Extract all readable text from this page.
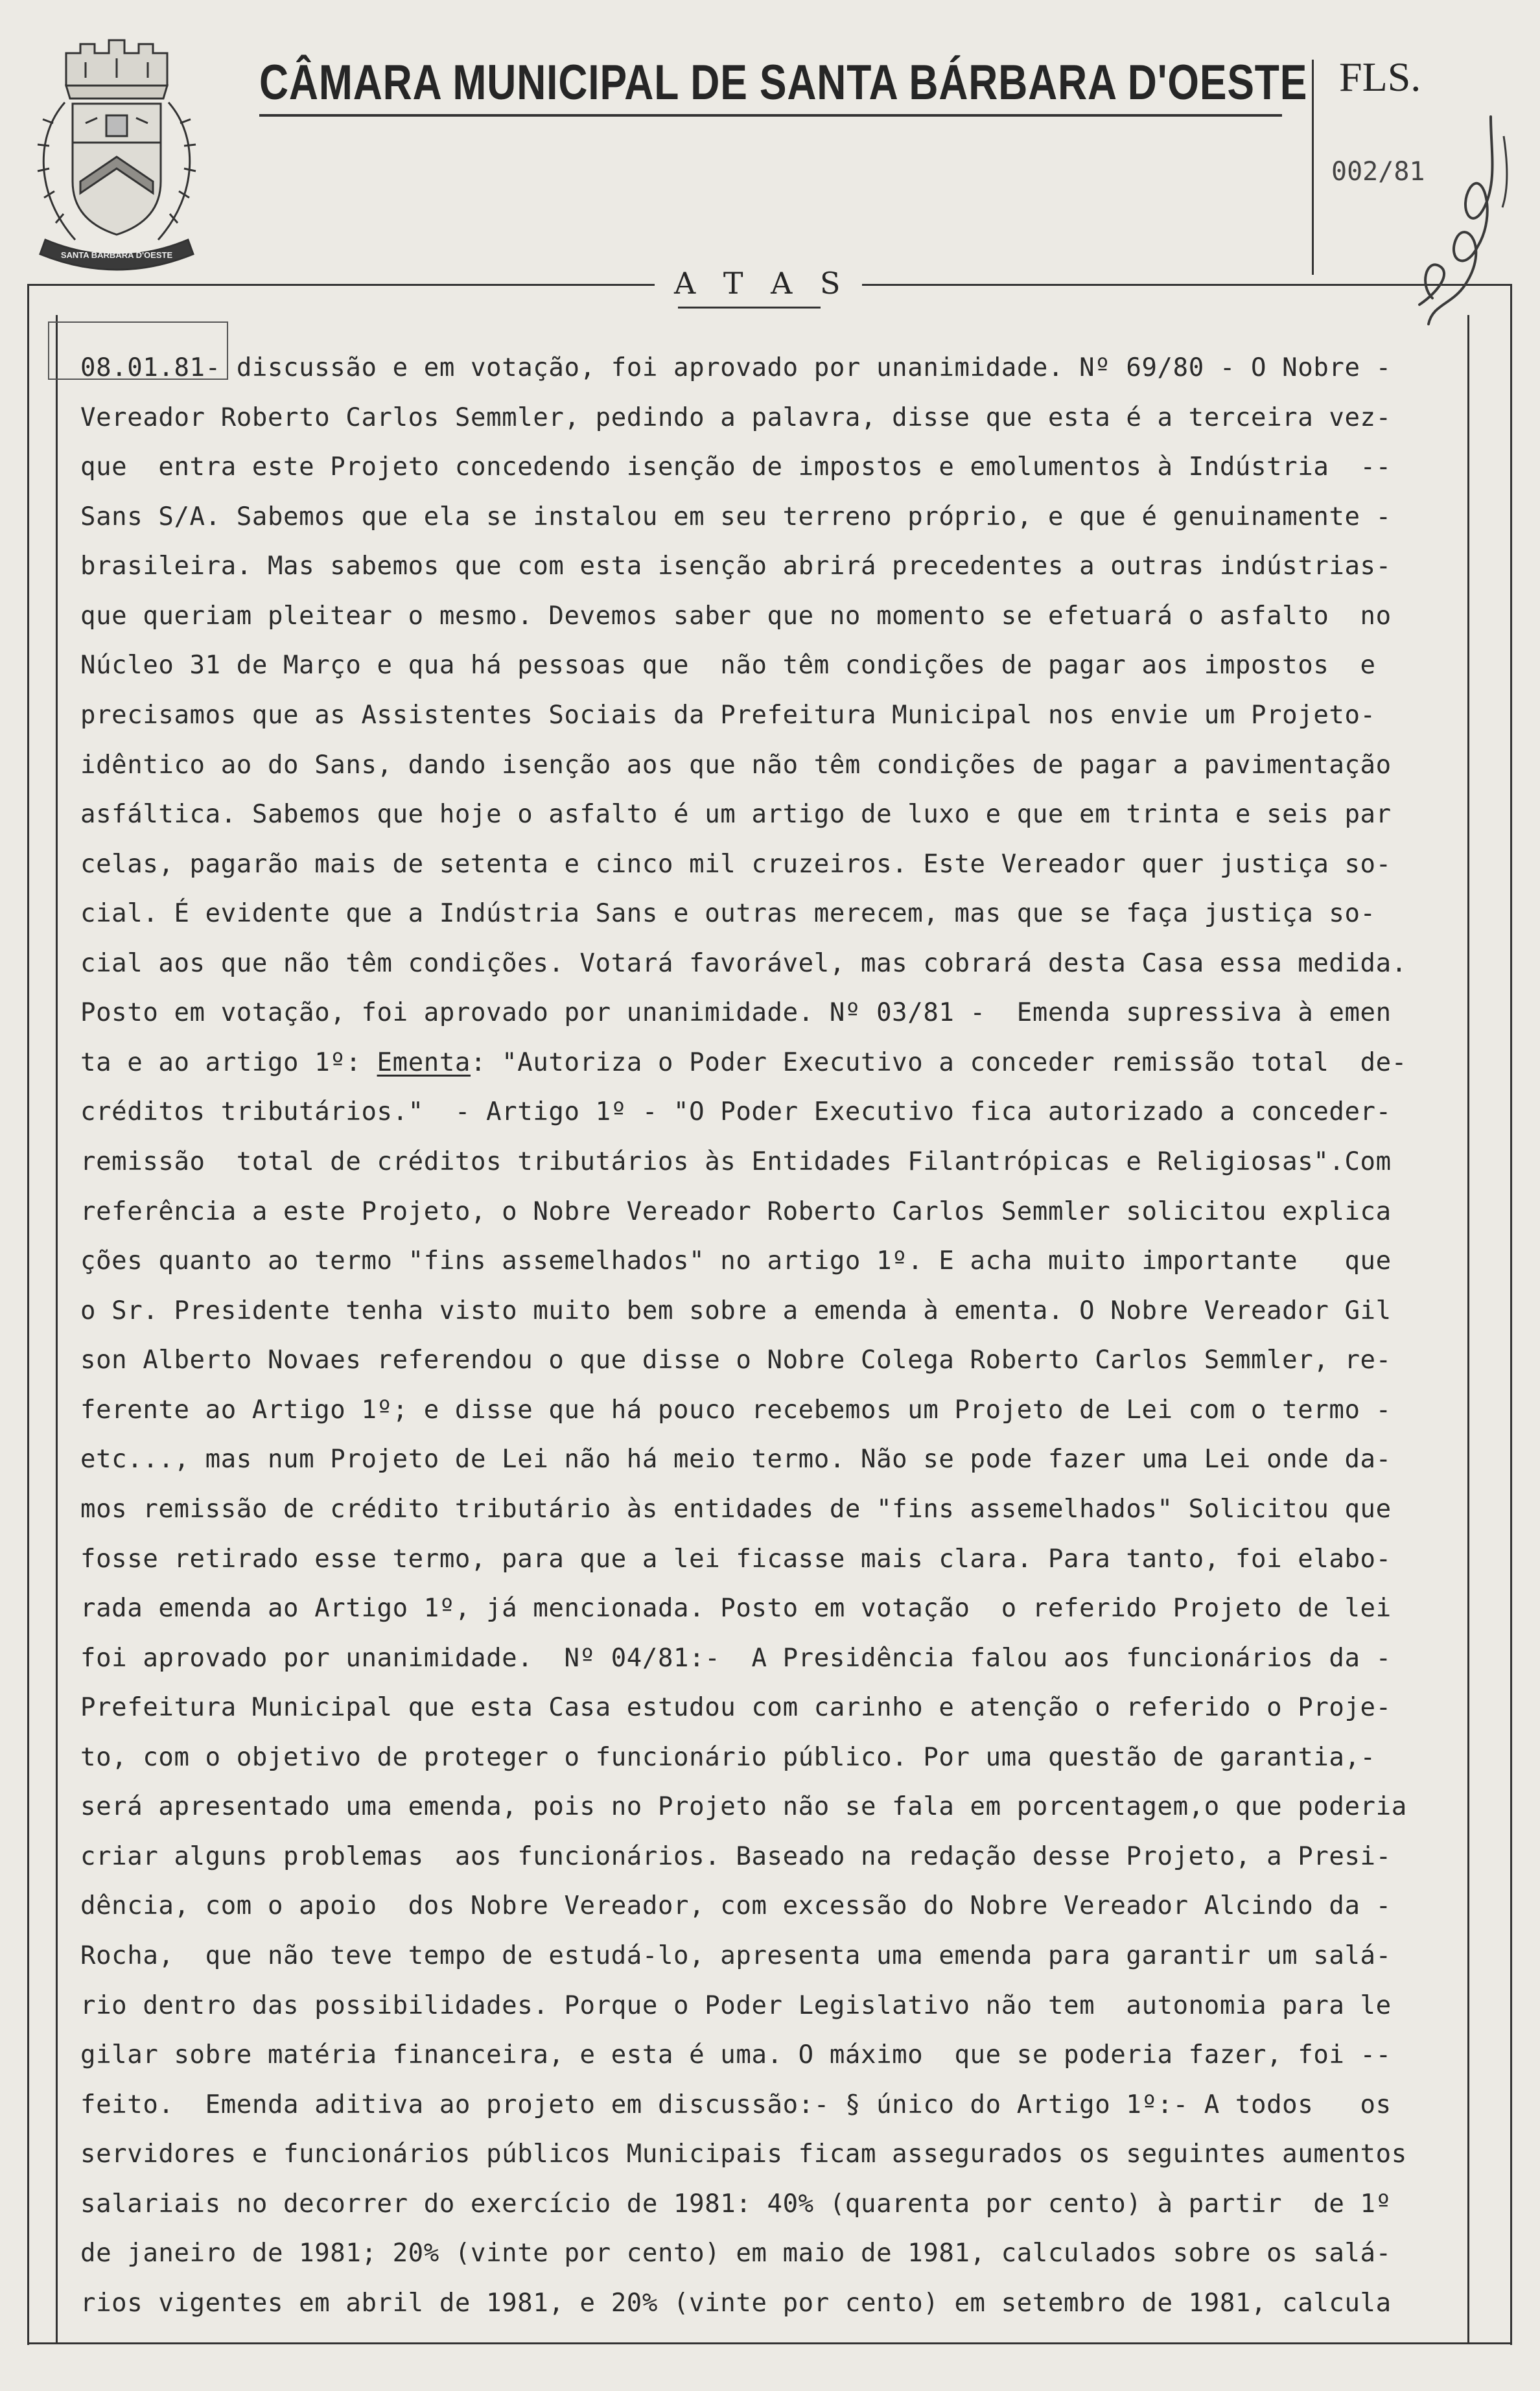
SANTA BARBARA D'OESTE
CÂMARA MUNICIPAL DE SANTA BÁRBARA D'OESTE FLS.
002/81
A T A S
08.01.81- discussão e em votação, foi aprovado por unanimidade. Nº 69/80 - O Nobre -
Vereador Roberto Carlos Semmler, pedindo a palavra, disse que esta é a terceira vez-
que  entra este Projeto concedendo isenção de impostos e emolumentos à Indústria  --
Sans S/A. Sabemos que ela se instalou em seu terreno próprio, e que é genuinamente -
brasileira. Mas sabemos que com esta isenção abrirá precedentes a outras indústrias-
que queriam pleitear o mesmo. Devemos saber que no momento se efetuará o asfalto  no
Núcleo 31 de Março e qua há pessoas que  não têm condições de pagar aos impostos  e
precisamos que as Assistentes Sociais da Prefeitura Municipal nos envie um Projeto-
idêntico ao do Sans, dando isenção aos que não têm condições de pagar a pavimentação
asfáltica. Sabemos que hoje o asfalto é um artigo de luxo e que em trinta e seis par
celas, pagarão mais de setenta e cinco mil cruzeiros. Este Vereador quer justiça so-
cial. É evidente que a Indústria Sans e outras merecem, mas que se faça justiça so-
cial aos que não têm condições. Votará favorável, mas cobrará desta Casa essa medida.
Posto em votação, foi aprovado por unanimidade. Nº 03/81 -  Emenda supressiva à emen
ta e ao artigo 1º: Ementa: "Autoriza o Poder Executivo a conceder remissão total  de-
créditos tributários."  - Artigo 1º - "O Poder Executivo fica autorizado a conceder-
remissão  total de créditos tributários às Entidades Filantrópicas e Religiosas".Com
referência a este Projeto, o Nobre Vereador Roberto Carlos Semmler solicitou explica
ções quanto ao termo "fins assemelhados" no artigo 1º. E acha muito importante   que
o Sr. Presidente tenha visto muito bem sobre a emenda à ementa. O Nobre Vereador Gil
son Alberto Novaes referendou o que disse o Nobre Colega Roberto Carlos Semmler, re-
ferente ao Artigo 1º; e disse que há pouco recebemos um Projeto de Lei com o termo -
etc..., mas num Projeto de Lei não há meio termo. Não se pode fazer uma Lei onde da-
mos remissão de crédito tributário às entidades de "fins assemelhados" Solicitou que
fosse retirado esse termo, para que a lei ficasse mais clara. Para tanto, foi elabo-
rada emenda ao Artigo 1º, já mencionada. Posto em votação  o referido Projeto de lei
foi aprovado por unanimidade.  Nº 04/81:-  A Presidência falou aos funcionários da -
Prefeitura Municipal que esta Casa estudou com carinho e atenção o referido o Proje-
to, com o objetivo de proteger o funcionário público. Por uma questão de garantia,-
será apresentado uma emenda, pois no Projeto não se fala em porcentagem,o que poderia
criar alguns problemas  aos funcionários. Baseado na redação desse Projeto, a Presi-
dência, com o apoio  dos Nobre Vereador, com excessão do Nobre Vereador Alcindo da -
Rocha,  que não teve tempo de estudá-lo, apresenta uma emenda para garantir um salá-
rio dentro das possibilidades. Porque o Poder Legislativo não tem  autonomia para le
gilar sobre matéria financeira, e esta é uma. O máximo  que se poderia fazer, foi --
feito.  Emenda aditiva ao projeto em discussão:- § único do Artigo 1º:- A todos   os
servidores e funcionários públicos Municipais ficam assegurados os seguintes aumentos
salariais no decorrer do exercício de 1981: 40% (quarenta por cento) à partir  de 1º
de janeiro de 1981; 20% (vinte por cento) em maio de 1981, calculados sobre os salá-
rios vigentes em abril de 1981, e 20% (vinte por cento) em setembro de 1981, calcula
